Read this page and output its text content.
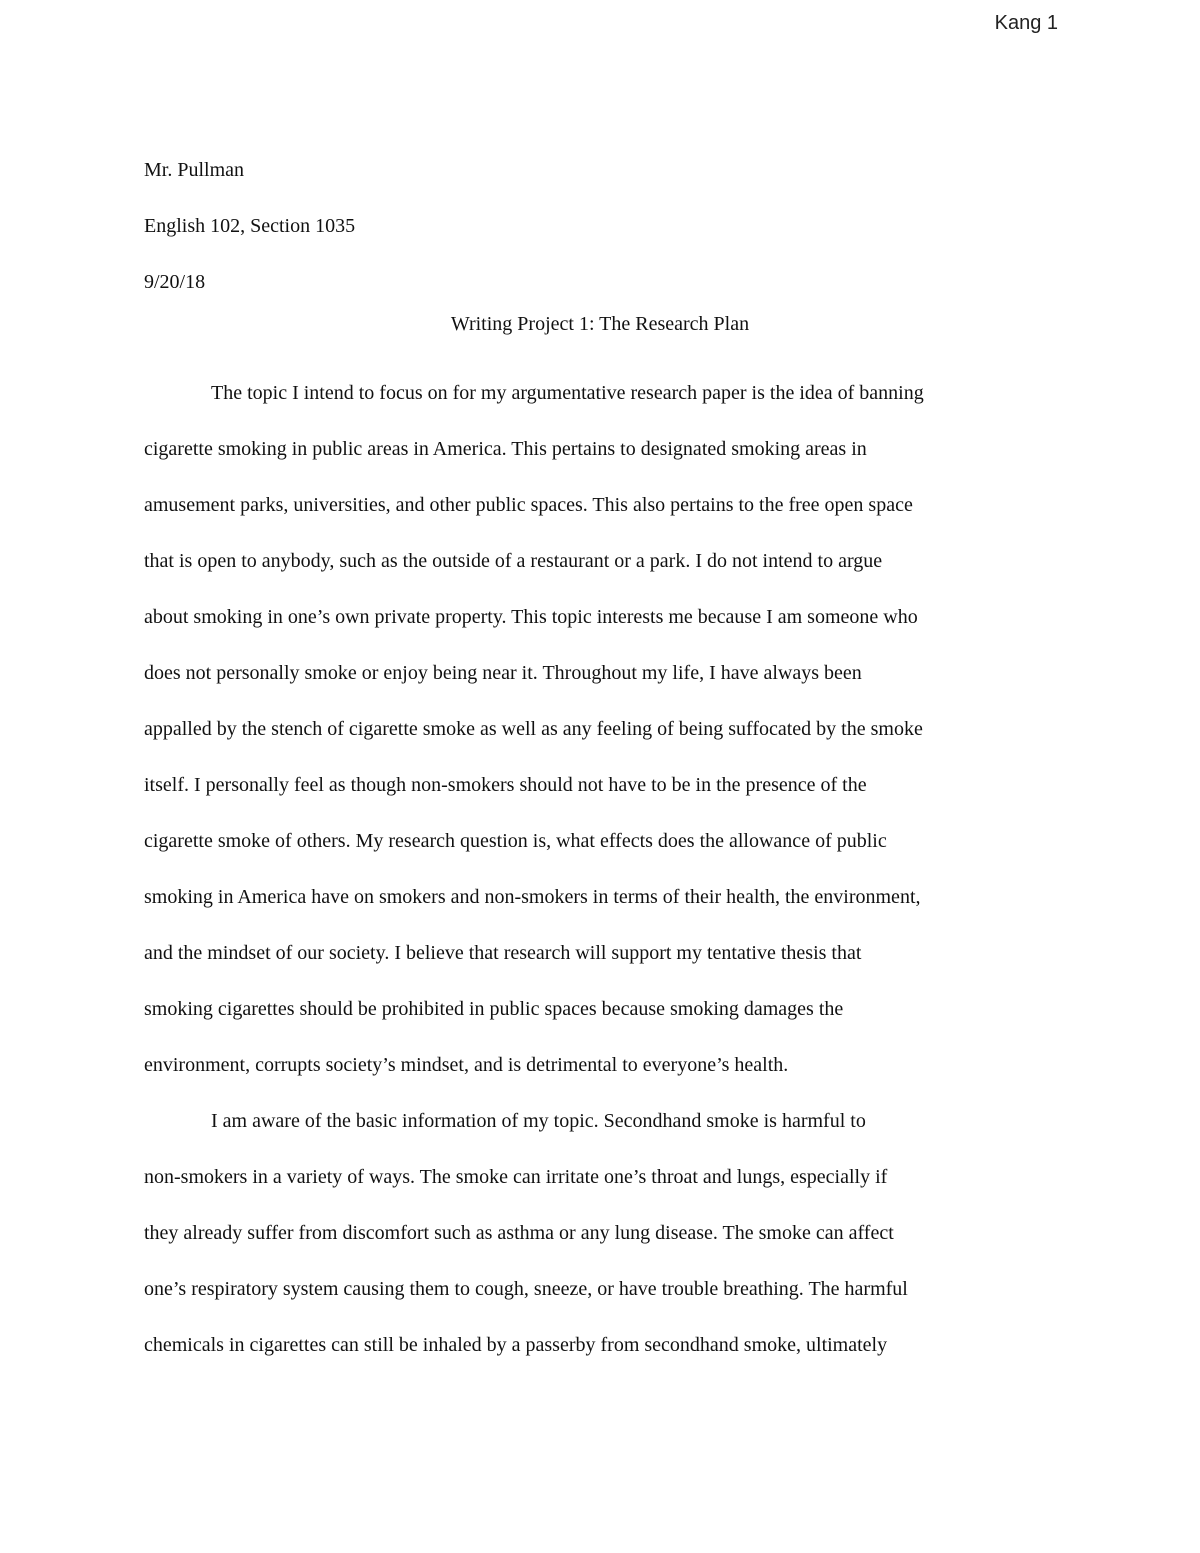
Kang 1

Mr. Pullman

English 102, Section 1035

9/20/18

Writing Project 1: The Research Plan
The topic I intend to focus on for my argumentative research paper is the idea of banning
cigarette smoking in public areas in America. This pertains to designated smoking areas in
amusement parks, universities, and other public spaces. This also pertains to the free open space
that is open to anybody, such as the outside of a restaurant or a park. I do not intend to argue
about smoking in one’s own private property. This topic interests me because I am someone who
does not personally smoke or enjoy being near it. Throughout my life, I have always been
appalled by the stench of cigarette smoke as well as any feeling of being suffocated by the smoke
itself. I personally feel as though non-smokers should not have to be in the presence of the
cigarette smoke of others. My research question is, what effects does the allowance of public
smoking in America have on smokers and non-smokers in terms of their health, the environment,
and the mindset of our society. I believe that research will support my tentative thesis that
smoking cigarettes should be prohibited in public spaces because smoking damages the
environment, corrupts society’s mindset, and is detrimental to everyone’s health.
I am aware of the basic information of my topic. Secondhand smoke is harmful to
non-smokers in a variety of ways. The smoke can irritate one’s throat and lungs, especially if
they already suffer from discomfort such as asthma or any lung disease. The smoke can affect
one’s respiratory system causing them to cough, sneeze, or have trouble breathing. The harmful
chemicals in cigarettes can still be inhaled by a passerby from secondhand smoke, ultimately
